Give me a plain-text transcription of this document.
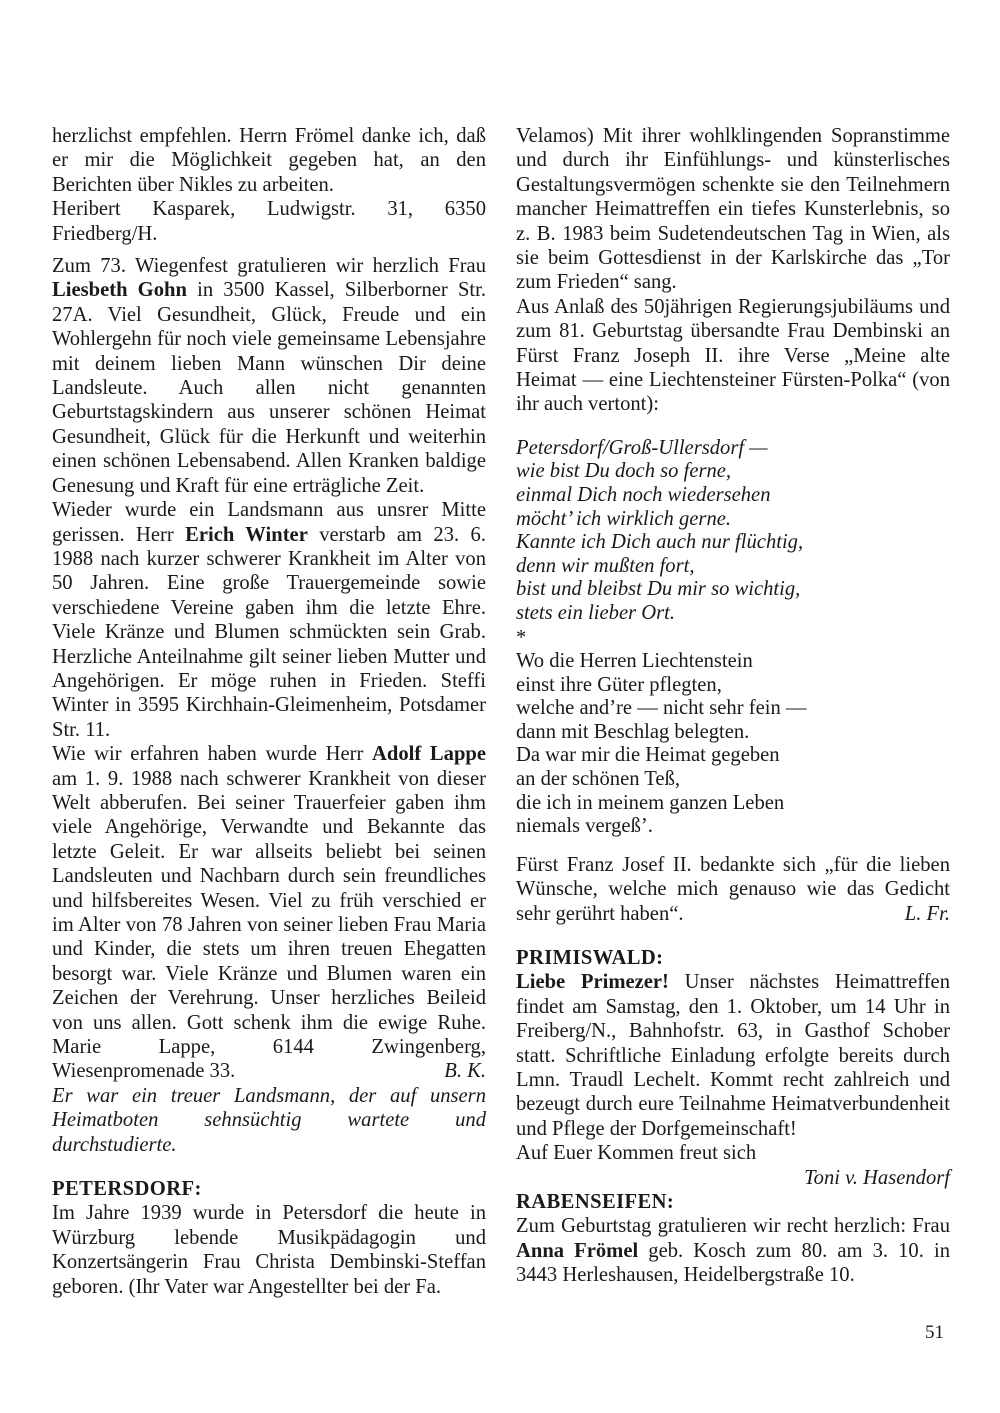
herzlichst empfehlen. Herrn Frömel danke ich, daß er mir die Möglichkeit gegeben hat, an den Berichten über Nikles zu arbeiten.

Heribert Kasparek, Ludwigstr. 31, 6350 Friedberg/H.

Zum 73. Wiegenfest gratulieren wir herzlich Frau Liesbeth Gohn in 3500 Kassel, Silberborner Str. 27A. Viel Gesundheit, Glück, Freude und ein Wohlergehn für noch viele gemeinsame Lebensjahre mit deinem lieben Mann wünschen Dir deine Landsleute. Auch allen nicht genannten Geburtstagskindern aus unserer schönen Heimat Gesundheit, Glück für die Herkunft und weiterhin einen schönen Lebensabend. Allen Kranken baldige Genesung und Kraft für eine erträgliche Zeit.

Wieder wurde ein Landsmann aus unsrer Mitte gerissen. Herr Erich Winter verstarb am 23. 6. 1988 nach kurzer schwerer Krankheit im Alter von 50 Jahren. Eine große Trauergemeinde sowie verschiedene Vereine gaben ihm die letzte Ehre. Viele Kränze und Blumen schmückten sein Grab. Herzliche Anteilnahme gilt seiner lieben Mutter und Angehörigen. Er möge ruhen in Frieden. Steffi Winter in 3595 Kirchhain-Gleimenheim, Potsdamer Str. 11.

Wie wir erfahren haben wurde Herr Adolf Lappe am 1. 9. 1988 nach schwerer Krankheit von dieser Welt abberufen. Bei seiner Trauerfeier gaben ihm viele Angehörige, Verwandte und Bekannte das letzte Geleit. Er war allseits beliebt bei seinen Landsleuten und Nachbarn durch sein freundliches und hilfsbereites Wesen. Viel zu früh verschied er im Alter von 78 Jahren von seiner lieben Frau Maria und Kinder, die stets um ihren treuen Ehegatten besorgt war. Viele Kränze und Blumen waren ein Zeichen der Verehrung. Unser herzliches Beileid von uns allen. Gott schenk ihm die ewige Ruhe. Marie Lappe, 6144 Zwingenberg, Wiesenpromenade 33.	B. K.

Er war ein treuer Landsmann, der auf unsern Heimatboten sehnsüchtig wartete und durchstudierte.

PETERSDORF:

Im Jahre 1939 wurde in Petersdorf die heute in Würzburg lebende Musikpädagogin und Konzertsängerin Frau Christa Dembinski-Steffan geboren. (Ihr Vater war Angestellter bei der Fa.

Velamos) Mit ihrer wohlklingenden Sopranstimme und durch ihr Einfühlungs- und künsterlisches Gestaltungsvermögen schenkte sie den Teilnehmern mancher Heimattreffen ein tiefes Kunsterlebnis, so z. B. 1983 beim Sudetendeutschen Tag in Wien, als sie beim Gottesdienst in der Karlskirche das „Tor zum Frieden“ sang.

Aus Anlaß des 50jährigen Regierungsjubiläums und zum 81. Geburtstag übersandte Frau Dembinski an Fürst Franz Joseph II. ihre Verse „Meine alte Heimat — eine Liechtensteiner Fürsten-Polka“ (von ihr auch vertont):

Petersdorf/Groß-Ullersdorf —
wie bist Du doch so ferne,
einmal Dich noch wiedersehen
möcht’ ich wirklich gerne.
Kannte ich Dich auch nur flüchtig,
denn wir mußten fort,
bist und bleibst Du mir so wichtig,
stets ein lieber Ort.

*

Wo die Herren Liechtenstein
einst ihre Güter pflegten,
welche and’re — nicht sehr fein —
dann mit Beschlag belegten.
Da war mir die Heimat gegeben
an der schönen Teß,
die ich in meinem ganzen Leben
niemals vergeß’.

Fürst Franz Josef II. bedankte sich „für die lieben Wünsche, welche mich genauso wie das Gedicht sehr gerührt haben“.	L. Fr.

PRIMISWALD:

Liebe Primezer! Unser nächstes Heimattreffen findet am Samstag, den 1. Oktober, um 14 Uhr in Freiberg/N., Bahnhofstr. 63, in Gasthof Schober statt. Schriftliche Einladung erfolgte bereits durch Lmn. Traudl Lechelt. Kommt recht zahlreich und bezeugt durch eure Teilnahme Heimatverbundenheit und Pflege der Dorfgemeinschaft!

Auf Euer Kommen freut sich

Toni v. Hasendorf

RABENSEIFEN:

Zum Geburtstag gratulieren wir recht herzlich: Frau Anna Frömel geb. Kosch zum 80. am 3. 10. in 3443 Herleshausen, Heidelbergstraße 10.

51
